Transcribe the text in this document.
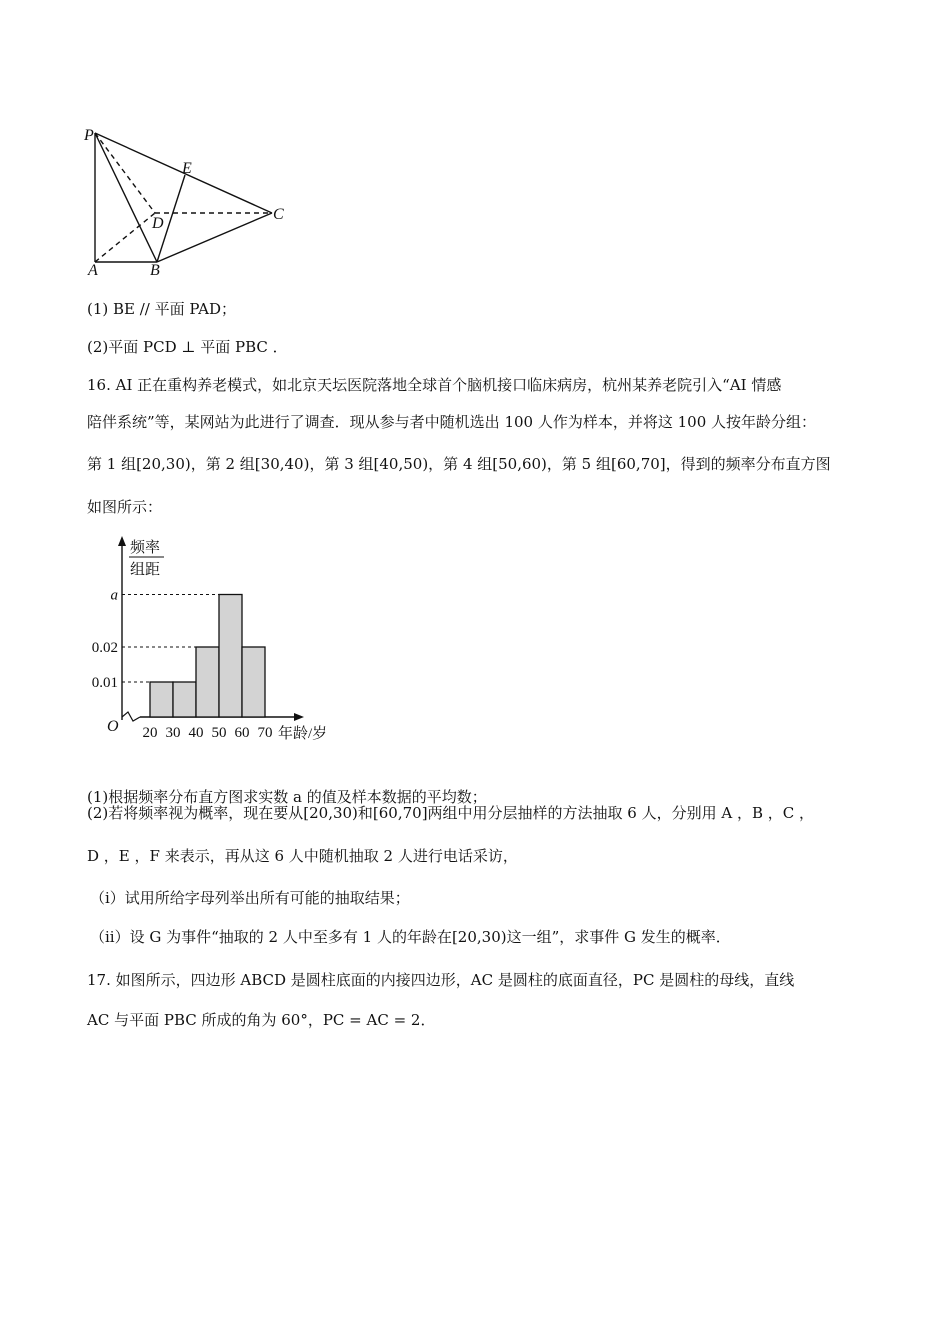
P
E
D
C
A	B
0.01
0.02
a
20 30 40 50 60 70
频率
组距
O	年龄/岁
(1) BE // 平面 PAD；
(2)平面 PCD ⊥ 平面 PBC ．
16. AI 正在重构养老模式，如北京天坛医院落地全球首个脑机接口临床病房，杭州某养老院引入“AI 情感
陪伴系统”等，某网站为此进行了调查．现从参与者中随机选出 100 人作为样本，并将这 100 人按年龄分组：
第 1 组[20,30)，第 2 组[30,40)，第 3 组[40,50)，第 4 组[50,60)，第 5 组[60,70]，得到的频率分布直方图
如图所示：
(1)根据频率分布直方图求实数 a 的值及样本数据的平均数；
(2)若将频率视为概率，现在要从[20,30)和[60,70]两组中用分层抽样的方法抽取 6 人，分别用 A ，B ，C ，
D ，E ，F 来表示，再从这 6 人中随机抽取 2 人进行电话采访，
（i）试用所给字母列举出所有可能的抽取结果；
（ii）设 G 为事件“抽取的 2 人中至多有 1 人的年龄在[20,30)这一组”，求事件 G 发生的概率．
17. 如图所示，四边形 ABCD 是圆柱底面的内接四边形，AC 是圆柱的底面直径，PC 是圆柱的母线，直线
AC 与平面 PBC 所成的角为 60°，PC = AC = 2．
